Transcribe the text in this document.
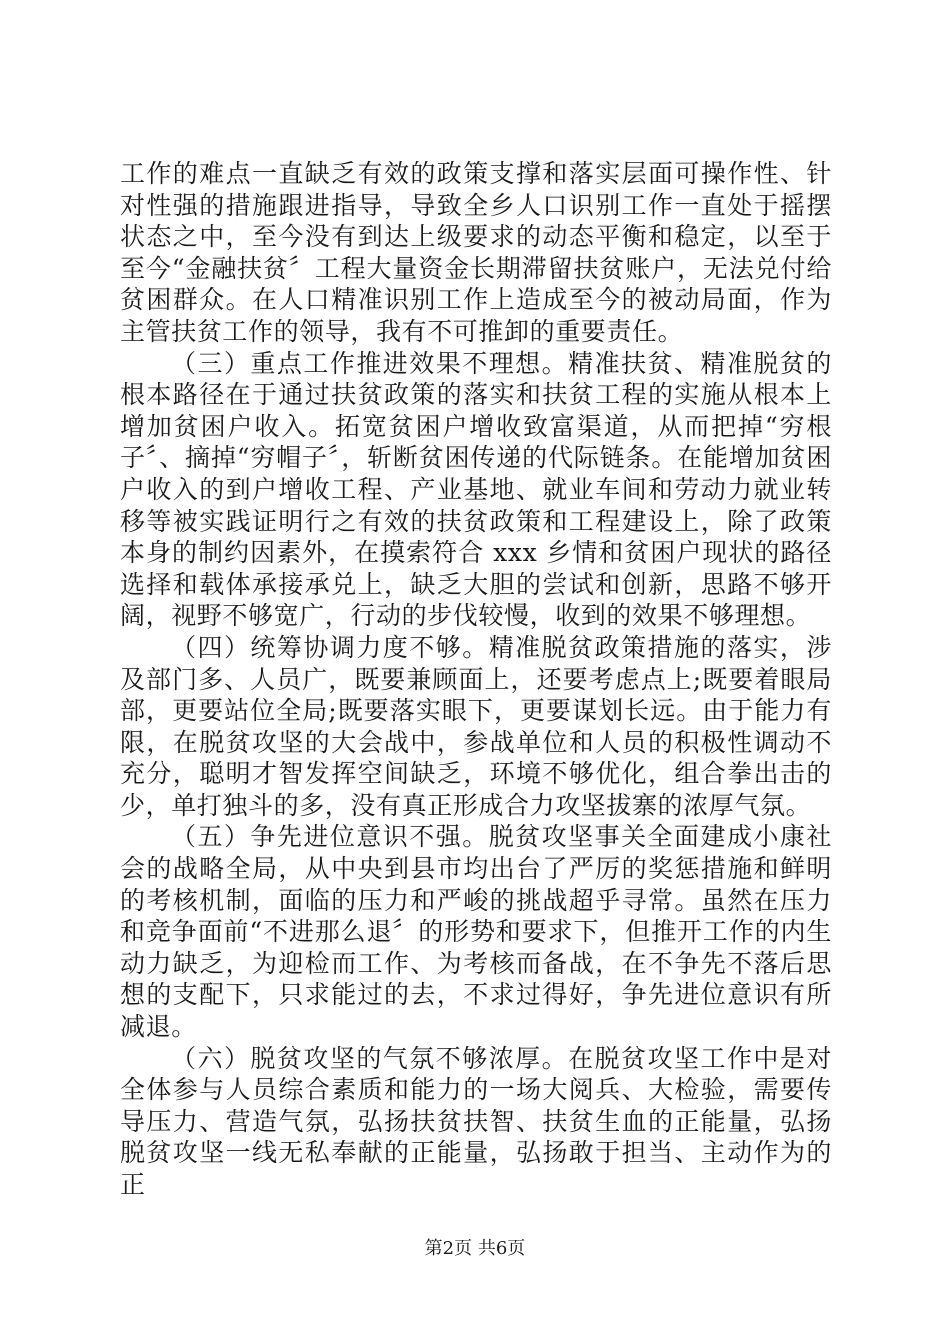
工作的难点一直缺乏有效的政策支撑和落实层面可操作性、针对性强的措施跟进指导，导致全乡人口识别工作一直处于摇摆状态之中，至今没有到达上级要求的动态平衡和稳定，以至于至今“金融扶贫〞工程大量资金长期滞留扶贫账户，无法兑付给贫困群众。在人口精准识别工作上造成至今的被动局面，作为主管扶贫工作的领导，我有不可推卸的重要责任。

（三）重点工作推进效果不理想。精准扶贫、精准脱贫的根本路径在于通过扶贫政策的落实和扶贫工程的实施从根本上增加贫困户收入。拓宽贫困户增收致富渠道，从而把掉“穷根子〞、摘掉“穷帽子〞，斩断贫困传递的代际链条。在能增加贫困户收入的到户增收工程、产业基地、就业车间和劳动力就业转移等被实践证明行之有效的扶贫政策和工程建设上，除了政策本身的制约因素外，在摸索符合 xxx 乡情和贫困户现状的路径选择和载体承接承兑上，缺乏大胆的尝试和创新，思路不够开阔，视野不够宽广，行动的步伐较慢，收到的效果不够理想。

（四）统筹协调力度不够。精准脱贫政策措施的落实，涉及部门多、人员广，既要兼顾面上，还要考虑点上;既要着眼局部，更要站位全局;既要落实眼下，更要谋划长远。由于能力有限，在脱贫攻坚的大会战中，参战单位和人员的积极性调动不充分，聪明才智发挥空间缺乏，环境不够优化，组合拳出击的少，单打独斗的多，没有真正形成合力攻坚拔寨的浓厚气氛。

（五）争先进位意识不强。脱贫攻坚事关全面建成小康社会的战略全局，从中央到县市均出台了严厉的奖惩措施和鲜明的考核机制，面临的压力和严峻的挑战超乎寻常。虽然在压力和竞争面前“不进那么退〞的形势和要求下，但推开工作的内生动力缺乏，为迎检而工作、为考核而备战，在不争先不落后思想的支配下，只求能过的去，不求过得好，争先进位意识有所减退。

（六）脱贫攻坚的气氛不够浓厚。在脱贫攻坚工作中是对全体参与人员综合素质和能力的一场大阅兵、大检验，需要传导压力、营造气氛，弘扬扶贫扶智、扶贫生血的正能量，弘扬脱贫攻坚一线无私奉献的正能量，弘扬敢于担当、主动作为的正

第2页 共6页
